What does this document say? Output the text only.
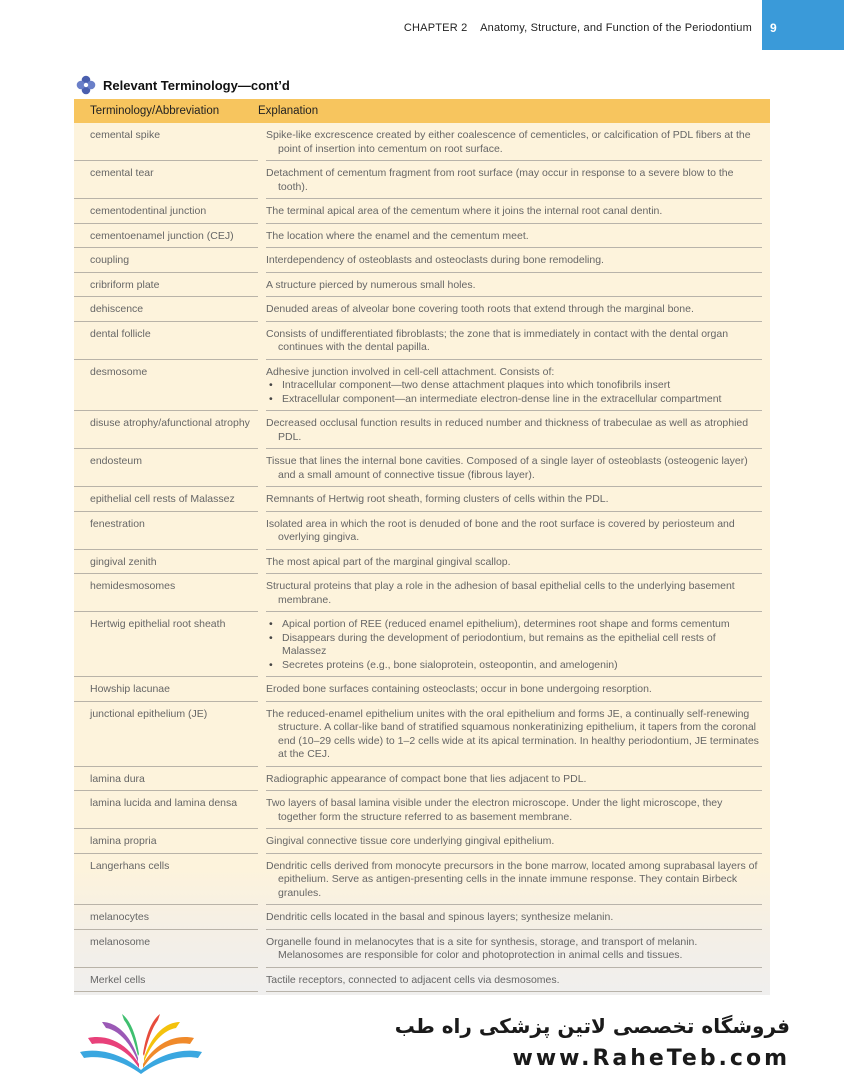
CHAPTER 2 Anatomy, Structure, and Function of the Periodontium 9
Relevant Terminology—cont’d
Terminology/Abbreviation	Explanation
cemental spike	Spike-like excrescence created by either coalescence of cementicles, or calcification of PDL fibers at the point of insertion into cementum on root surface.
cemental tear	Detachment of cementum fragment from root surface (may occur in response to a severe blow to the tooth).
cementodentinal junction	The terminal apical area of the cementum where it joins the internal root canal dentin.
cementoenamel junction (CEJ)	The location where the enamel and the cementum meet.
coupling	Interdependency of osteoblasts and osteoclasts during bone remodeling.
cribriform plate	A structure pierced by numerous small holes.
dehiscence	Denuded areas of alveolar bone covering tooth roots that extend through the marginal bone.
dental follicle	Consists of undifferentiated fibroblasts; the zone that is immediately in contact with the dental organ continues with the dental papilla.
desmosome	Adhesive junction involved in cell-cell attachment. Consists of:
• Intracellular component—two dense attachment plaques into which tonofibrils insert
• Extracellular component—an intermediate electron-dense line in the extracellular compartment
disuse atrophy/afunctional atrophy Decreased occlusal function results in reduced number and thickness of trabeculae as well as atrophied PDL.
endosteum	Tissue that lines the internal bone cavities. Composed of a single layer of osteoblasts (osteogenic layer) and a small amount of connective tissue (fibrous layer).
epithelial cell rests of Malassez	Remnants of Hertwig root sheath, forming clusters of cells within the PDL.
fenestration	Isolated area in which the root is denuded of bone and the root surface is covered by periosteum and overlying gingiva.
gingival zenith	The most apical part of the marginal gingival scallop.
hemidesmosomes	Structural proteins that play a role in the adhesion of basal epithelial cells to the underlying basement membrane.
Hertwig epithelial root sheath
•	Apical portion of REE (reduced enamel epithelium), determines root shape and forms cementum
• Disappears during the development of periodontium, but remains as the epithelial cell rests of Malassez
• Secretes proteins (e.g., bone sialoprotein, osteopontin, and amelogenin)
Howship lacunae	Eroded bone surfaces containing osteoclasts; occur in bone undergoing resorption.
junctional epithelium (JE)	The reduced-enamel epithelium unites with the oral epithelium and forms JE, a continually self-renewing structure. A collar-like band of stratified squamous nonkeratinizing epithelium, it tapers from the coronal end (10–29 cells wide) to 1–2 cells wide at its apical termination. In healthy periodontium, JE terminates at the CEJ.
lamina dura	Radiographic appearance of compact bone that lies adjacent to PDL.
lamina lucida and lamina densa	Two layers of basal lamina visible under the electron microscope. Under the light microscope, they together form the structure referred to as basement membrane.
lamina propria	Gingival connective tissue core underlying gingival epithelium.
Langerhans cells	Dendritic cells derived from monocyte precursors in the bone marrow, located among suprabasal layers of epithelium. Serve as antigen-presenting cells in the innate immune response. They contain Birbeck granules.
melanocytes	Dendritic cells located in the basal and spinous layers; synthesize melanin.
melanosome	Organelle found in melanocytes that is a site for synthesis, storage, and transport of melanin. Melanosomes are responsible for color and photoprotection in animal cells and tissues.
Merkel cells	Tactile receptors, connected to adjacent cells via desmosomes.
فروشگاه تخصصی لاتین پزشکی راه طب
www.RaheTeb.com
